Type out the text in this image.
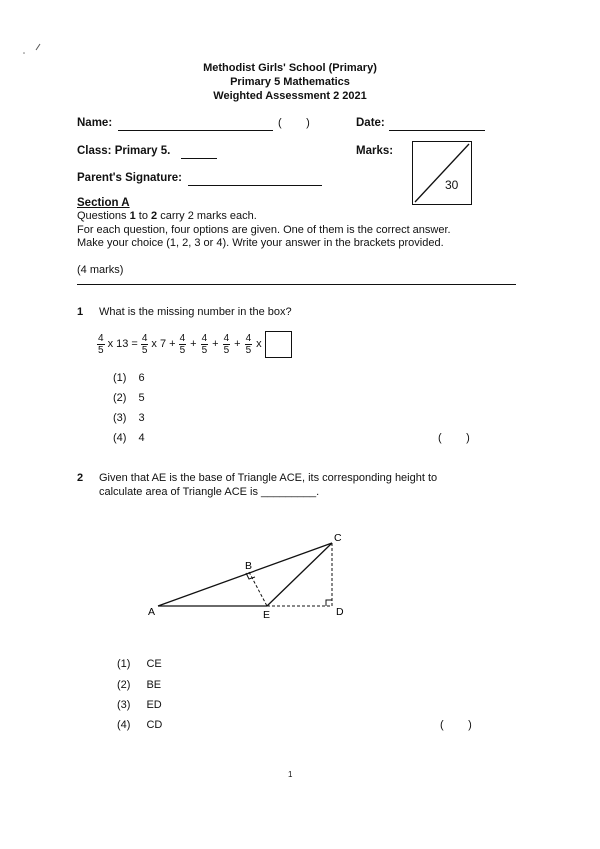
Methodist Girls' School (Primary)
Primary 5 Mathematics
Weighted Assessment 2 2021
Name:	(        )	Date:
Class: Primary 5.	Marks:
30
Parent's Signature:
Section A
Questions 1 to 2 carry 2 marks each.
For each question, four options are given. One of them is the correct answer.
Make your choice (1, 2, 3 or 4). Write your answer in the brackets provided.
(4 marks)
1 What is the missing number in the box?
$\frac{4}{5}$ x $13 = \frac{4}{5}$ x $7 + \frac{4}{5} + \frac{4}{5} + \frac{4}{5} + \frac{4}{5}$ x
(1) 6
(2) 5
(3) 3
(4) 4	(        )
2 Given that AE is the base of Triangle ACE, its corresponding height to
calculate area of Triangle ACE is _________.
A
B
C
D
E
(1) CE
(2) BE
(3) ED
(4) CD	(        )
1
